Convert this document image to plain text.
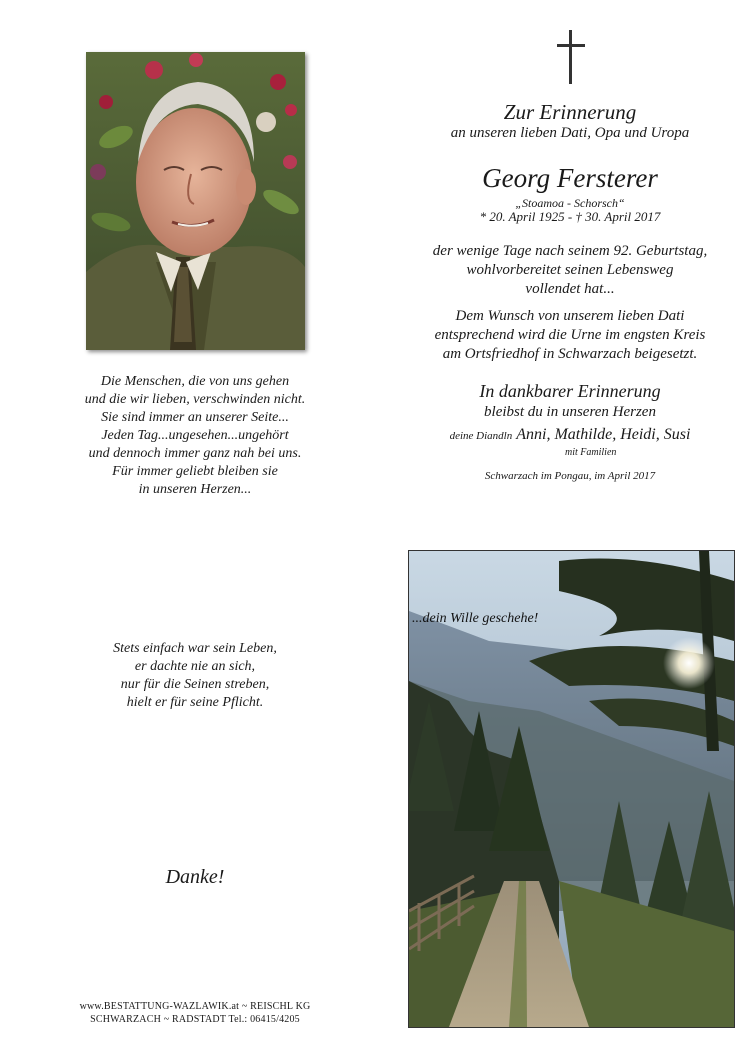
Zur Erinnerung
an unseren lieben Dati, Opa und Uropa
Georg Fersterer
„Stoamoa - Schorsch“
* 20. April 1925 - † 30. April 2017
der wenige Tage nach seinem 92. Geburtstag,
wohlvorbereitet seinen Lebensweg
vollendet hat...
Dem Wunsch von unserem lieben Dati
entsprechend wird die Urne im engsten Kreis
am Ortsfriedhof in Schwarzach beigesetzt.
In dankbarer Erinnerung
bleibst du in unseren Herzen
deine Diandln Anni, Mathilde, Heidi, Susi
mit Familien
Schwarzach im Pongau, im April 2017
Die Menschen, die von uns gehen
und die wir lieben, verschwinden nicht.
Sie sind immer an unserer Seite...
Jeden Tag...ungesehen...ungehört
und dennoch immer ganz nah bei uns.
Für immer geliebt bleiben sie
in unseren Herzen...
Stets einfach war sein Leben,
er dachte nie an sich,
nur für die Seinen streben,
hielt er für seine Pflicht.
Danke!
www.BESTATTUNG-WAZLAWIK.at ~ REISCHL KG
SCHWARZACH ~ RADSTADT Tel.: 06415/4205
...dein Wille geschehe!
